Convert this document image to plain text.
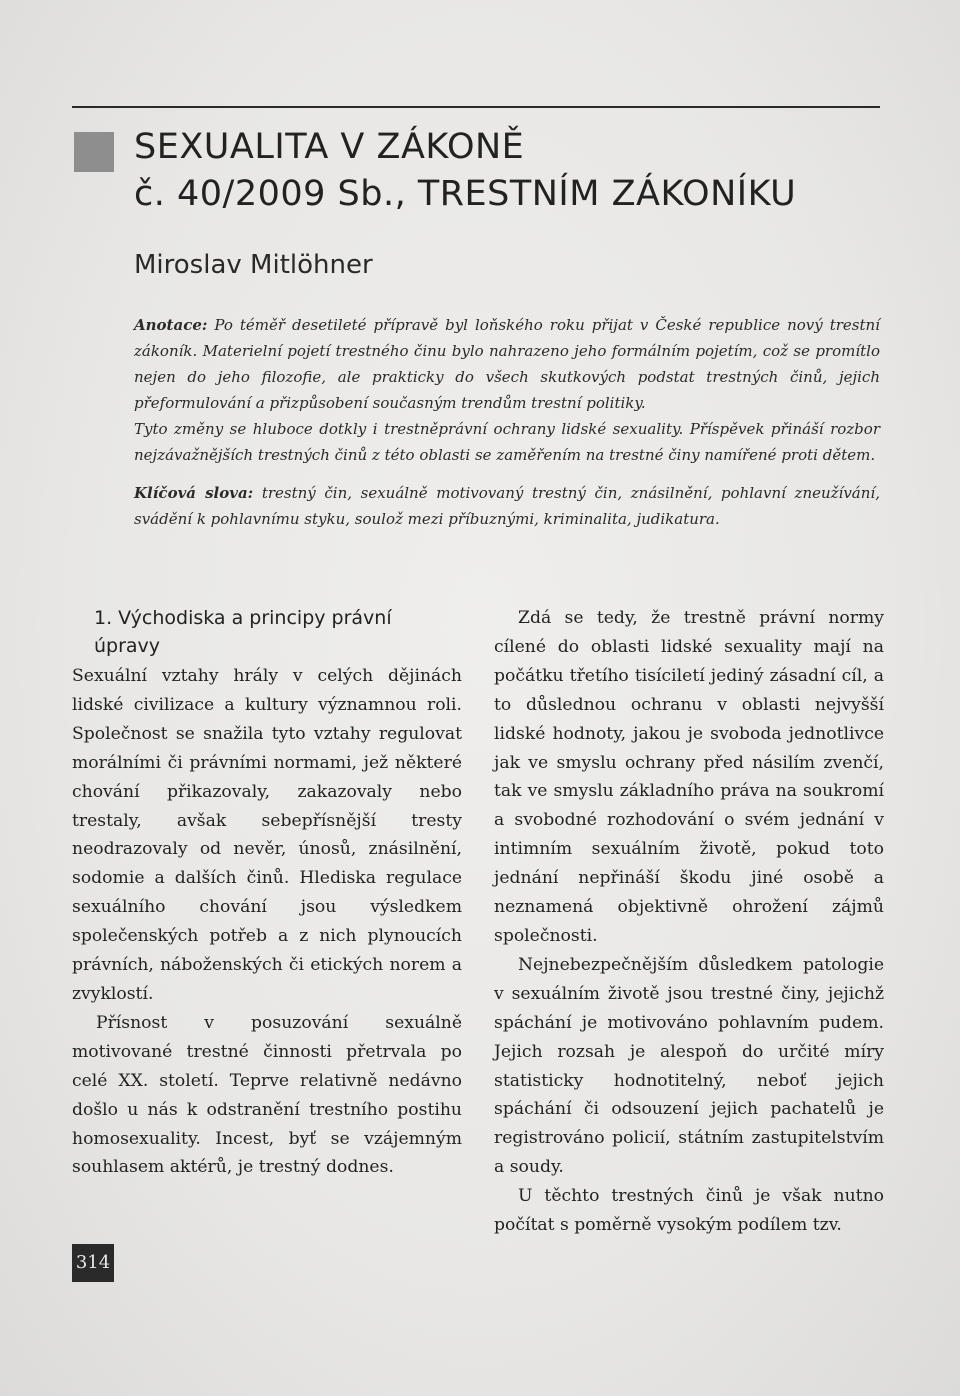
SEXUALITA V ZÁKONĚ
č. 40/2009 Sb., TRESTNÍM ZÁKONÍKU
Miroslav Mitlöhner

Anotace: Po téměř desetileté přípravě byl loňského roku přijat v České republice nový trestní zákoník. Materielní pojetí trestného činu bylo nahrazeno jeho formálním pojetím, což se promítlo nejen do jeho filozofie, ale prakticky do všech skutkových podstat trestných činů, jejich přeformulování a přizpůsobení současným trendům trestní politiky.

Tyto změny se hluboce dotkly i trestněprávní ochrany lidské sexuality. Příspěvek přináší rozbor nejzávažnějších trestných činů z této oblasti se zaměřením na trestné činy namířené proti dětem.

Klíčová slova: trestný čin, sexuálně motivovaný trestný čin, znásilnění, pohlavní zneužívání, svádění k pohlavnímu styku, soulož mezi příbuznými, kriminalita, judikatura.

1. Východiska a principy právní úpravy

Sexuální vztahy hrály v celých dějinách lidské civilizace a kultury významnou roli. Společnost se snažila tyto vztahy regulovat morálními či právními normami, jež některé chování přikazovaly, zakazovaly nebo trestaly, avšak sebepřísnější tresty neodrazovaly od nevěr, únosů, znásilnění, sodomie a dalších činů. Hlediska regulace sexuálního chování jsou výsledkem společenských potřeb a z nich plynoucích právních, náboženských či etických norem a zvyklostí.

Přísnost v posuzování sexuálně motivované trestné činnosti přetrvala po celé XX. století. Teprve relativně nedávno došlo u nás k odstranění trestního postihu homosexuality. Incest, byť se vzájemným souhlasem aktérů, je trestný dodnes.

Zdá se tedy, že trestně právní normy cílené do oblasti lidské sexuality mají na počátku třetího tisíciletí jediný zásadní cíl, a to důslednou ochranu v oblasti nejvyšší lidské hodnoty, jakou je svoboda jednotlivce jak ve smyslu ochrany před násilím zvenčí, tak ve smyslu základního práva na soukromí a svobodné rozhodování o svém jednání v intimním sexuálním životě, pokud toto jednání nepřináší škodu jiné osobě a neznamená objektivně ohrožení zájmů společnosti.

Nejnebezpečnějším důsledkem patologie v sexuálním životě jsou trestné činy, jejichž spáchání je motivováno pohlavním pudem. Jejich rozsah je alespoň do určité míry statisticky hodnotitelný, neboť jejich spáchání či odsouzení jejich pachatelů je registrováno policií, státním zastupitelstvím a soudy.

U těchto trestných činů je však nutno počítat s poměrně vysokým podílem tzv.

314
